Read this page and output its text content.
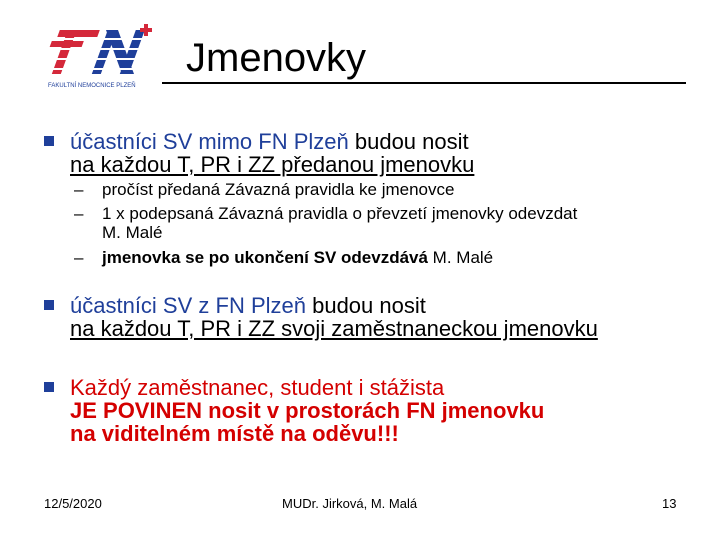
FAKULTNÍ NEMOCNICE PLZEŇ
Jmenovky
účastníci SV mimo FN Plzeň budou nosit
na každou T, PR i ZZ předanou jmenovku
– pročíst předaná Závazná pravidla ke jmenovce
– 1 x podepsaná Závazná pravidla o převzetí jmenovky odevzdat
M. Malé
– jmenovka se po ukončení SV odevzdává M. Malé
účastníci SV z FN Plzeň budou nosit
na každou T, PR i ZZ svoji zaměstnaneckou jmenovku
Každý zaměstnanec, student i stážista
JE POVINEN nosit v prostorách FN jmenovku
na viditelném místě na oděvu!!!
12/5/2020	MUDr. Jirková, M. Malá	13
